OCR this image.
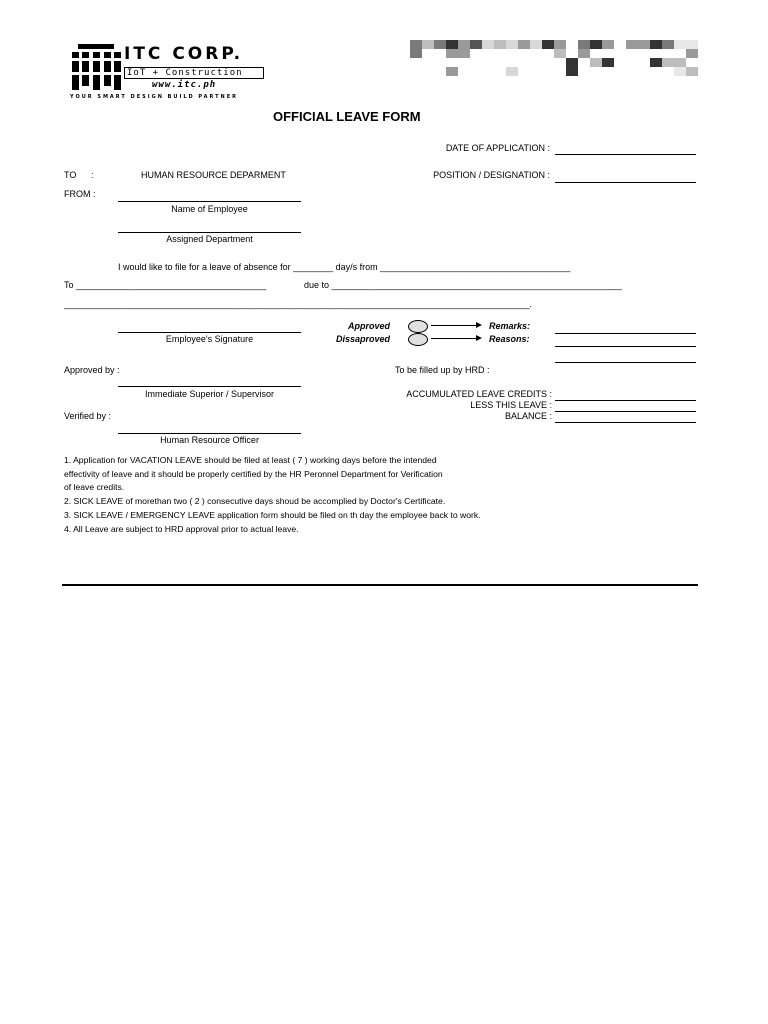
ITC CORP.
IoT + Construction
www.itc.ph
YOUR SMART DESIGN BUILD PARTNER
OFFICIAL LEAVE FORM
DATE OF APPLICATION :
TO :	HUMAN RESOURCE DEPARMENT	POSITION / DESIGNATION :
FROM :
Name of Employee
Assigned Department
I would like to file for a leave of absence for ________ day/s from ______________________________________
To ______________________________________	due to __________________________________________________________
_____________________________________________________________________________________________.
Employee's Signature
Approved
Dissaproved
Remarks:
Reasons:
Approved by :	To be filled up by HRD :
Immediate Superior / Supervisor	ACCUMULATED LEAVE CREDITS :
LESS THIS LEAVE :
BALANCE :
Verified by :
Human Resource Officer
1. Application for VACATION LEAVE should be filed at least ( 7 ) working days before the intended
effectivity of leave and it should be properly certified by the HR Peronnel Department for Verification
of leave credits.
2. SICK LEAVE of morethan two ( 2 ) consecutive days shoud be accomplied by Doctor's Certificate.
3. SICK LEAVE / EMERGENCY LEAVE application form should be filed on th day the employee back to work.
4. All Leave are subject to HRD approval prior to actual leave.
